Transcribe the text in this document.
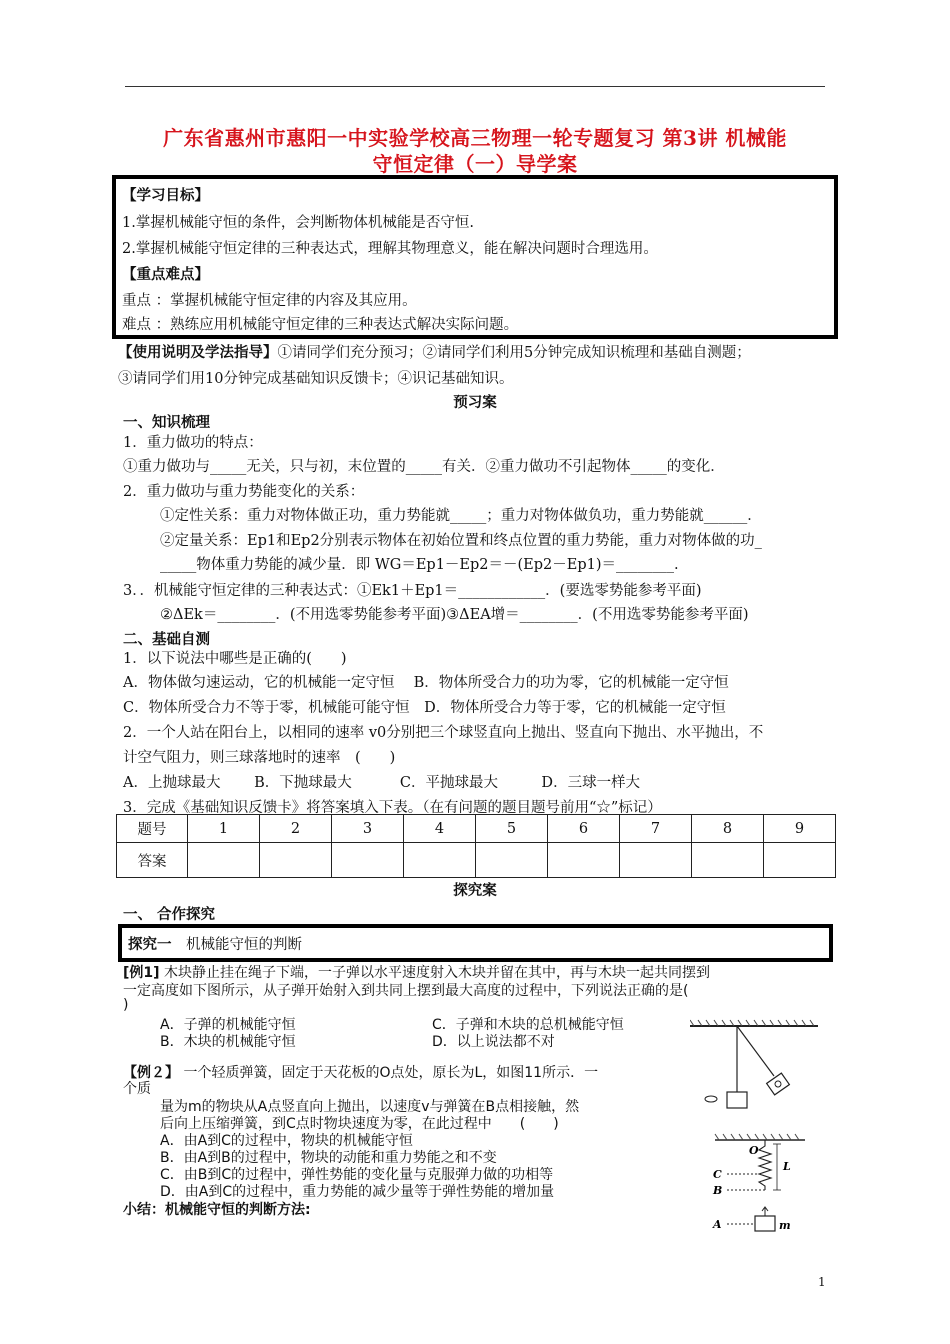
广东省惠州市惠阳一中实验学校高三物理一轮专题复习 第3讲 机械能
守恒定律（一）导学案
【学习目标】
1.掌握机械能守恒的条件，会判断物体机械能是否守恒.
2.掌握机械能守恒定律的三种表达式，理解其物理意义，能在解决问题时合理选用。
【重点难点】
重点 ：掌握机械能守恒定律的内容及其应用。
难点 ：熟练应用机械能守恒定律的三种表达式解决实际问题。
【使用说明及学法指导】①请同学们充分预习；②请同学们利用5分钟完成知识梳理和基础自测题；
③请同学们用10分钟完成基础知识反馈卡；④识记基础知识。
预习案
一、知识梳理
1．重力做功的特点：
①重力做功与_____无关，只与初，末位置的_____有关．②重力做功不引起物体_____的变化．
2．重力做功与重力势能变化的关系：
①定性关系：重力对物体做正功，重力势能就_____；重力对物体做负功，重力势能就______．
②定量关系：Ep1和Ep2分别表示物体在初始位置和终点位置的重力势能，重力对物体做的功_
_____物体重力势能的减少量．即 WG＝Ep1－Ep2＝－(Ep2－Ep1)＝________.
3．．机械能守恒定律的三种表达式：①Ek1＋Ep1＝____________．(要选零势能参考平面)
②ΔEk＝________．(不用选零势能参考平面)③ΔEA增＝________．(不用选零势能参考平面)
二、基础自测
1．以下说法中哪些是正确的(　　)
A．物体做匀速运动，它的机械能一定守恒　 B．物体所受合力的功为零，它的机械能一定守恒
C．物体所受合力不等于零，机械能可能守恒　D．物体所受合力等于零，它的机械能一定守恒
2．一个人站在阳台上，以相同的速率 v0分别把三个球竖直向上抛出、竖直向下抛出、水平抛出，不
计空气阻力，则三球落地时的速率　(　　)
A．上抛球最大　　 B．下抛球最大　　　 C．平抛球最大　　　D．三球一样大
3．完成《基础知识反馈卡》将答案填入下表。（在有问题的题目题号前用“☆”标记）
题号	1	2	3	4	5	6	7	8	9
答案									
探究案
一、 合作探究
探究一　 机械能守恒的判断
[例1] 木块静止挂在绳子下端，一子弹以水平速度射入木块并留在其中，再与木块一起共同摆到
一定高度如下图所示，从子弹开始射入到共同上摆到最大高度的过程中，下列说法正确的是(
)
A．子弹的机械能守恒	C．子弹和木块的总机械能守恒
B．木块的机械能守恒	D．以上说法都不对
【例２】 一个轻质弹簧，固定于天花板的O点处，原长为L，如图11所示．一
个质
量为m的物块从A点竖直向上抛出，以速度v与弹簧在B点相接触，然
后向上压缩弹簧，到C点时物块速度为零，在此过程中　　(　　)
A．由A到C的过程中，物块的机械能守恒
B．由A到B的过程中，物块的动能和重力势能之和不变
C．由B到C的过程中，弹性势能的变化量与克服弹力做的功相等
D．由A到C的过程中，重力势能的减少量等于弹性势能的增加量
小结：机械能守恒的判断方法:
O
L
C
B
A	m
1
